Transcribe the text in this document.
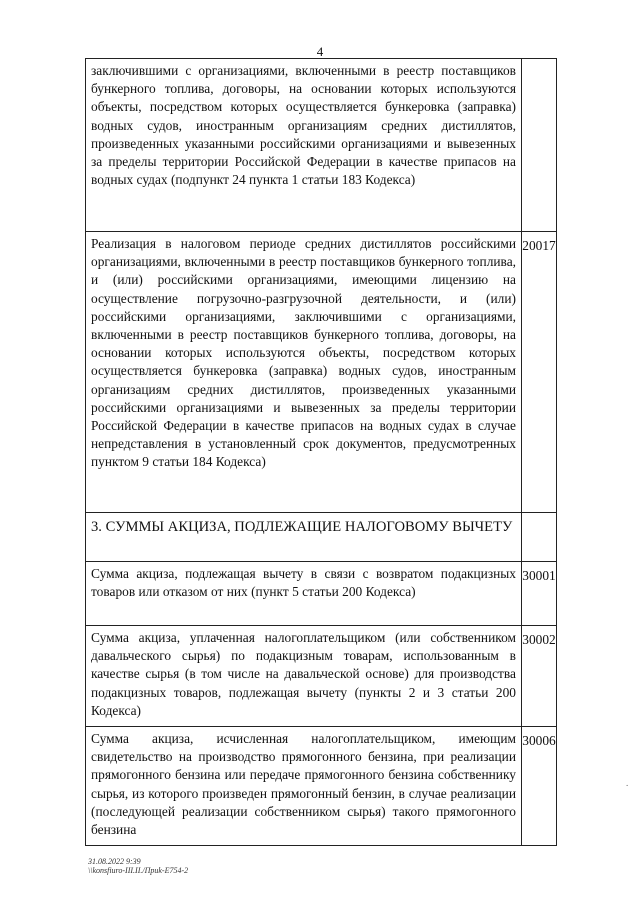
4
заключившими с организациями, включенными в реестр поставщиков бункерного топлива, договоры, на основании которых используются объекты, посредством которых осуществляется бункеровка (заправка) водных судов, иностранным организациям средних дистиллятов, произведенных указанными российскими организациями и вывезенных за пределы территории Российской Федерации в качестве припасов на водных судах (подпункт 24 пункта 1 статьи 183 Кодекса)	
Реализация в налоговом периоде средних дистиллятов российскими организациями, включенными в реестр поставщиков бункерного топлива, и (или) российскими организациями, имеющими лицензию на осуществление погрузочно-разгрузочной деятельности, и (или) российскими организациями, заключившими с организациями, включенными в реестр поставщиков бункерного топлива, договоры, на основании которых используются объекты, посредством которых осуществляется бункеровка (заправка) водных судов, иностранным организациям средних дистиллятов, произведенных указанными российскими организациями и вывезенных за пределы территории Российской Федерации в качестве припасов на водных судах в случае непредставления в установленный срок документов, предусмотренных пунктом 9 статьи 184 Кодекса)	20017
3. СУММЫ АКЦИЗА, ПОДЛЕЖАЩИЕ НАЛОГОВОМУ ВЫЧЕТУ	
Сумма акциза, подлежащая вычету в связи с возвратом подакцизных товаров или отказом от них (пункт 5 статьи 200 Кодекса)	30001
Сумма акциза, уплаченная налогоплательщиком (или собственником давальческого сырья) по подакцизным товарам, использованным в качестве сырья (в том числе на давальческой основе) для производства подакцизных товаров, подлежащая вычету (пункты 2 и 3 статьи 200 Кодекса)	30002
Сумма акциза, исчисленная налогоплательщиком, имеющим свидетельство на производство прямогонного бензина, при реализации прямогонного бензина или передаче прямогонного бензина собственнику сырья, из которого произведен прямогонный бензин, в случае реализации (последующей реализации собственником сырья) такого прямогонного бензина	30006
31.08.2022 9:39
\\konsfiuro-III.II./Приk-E754-2
.
